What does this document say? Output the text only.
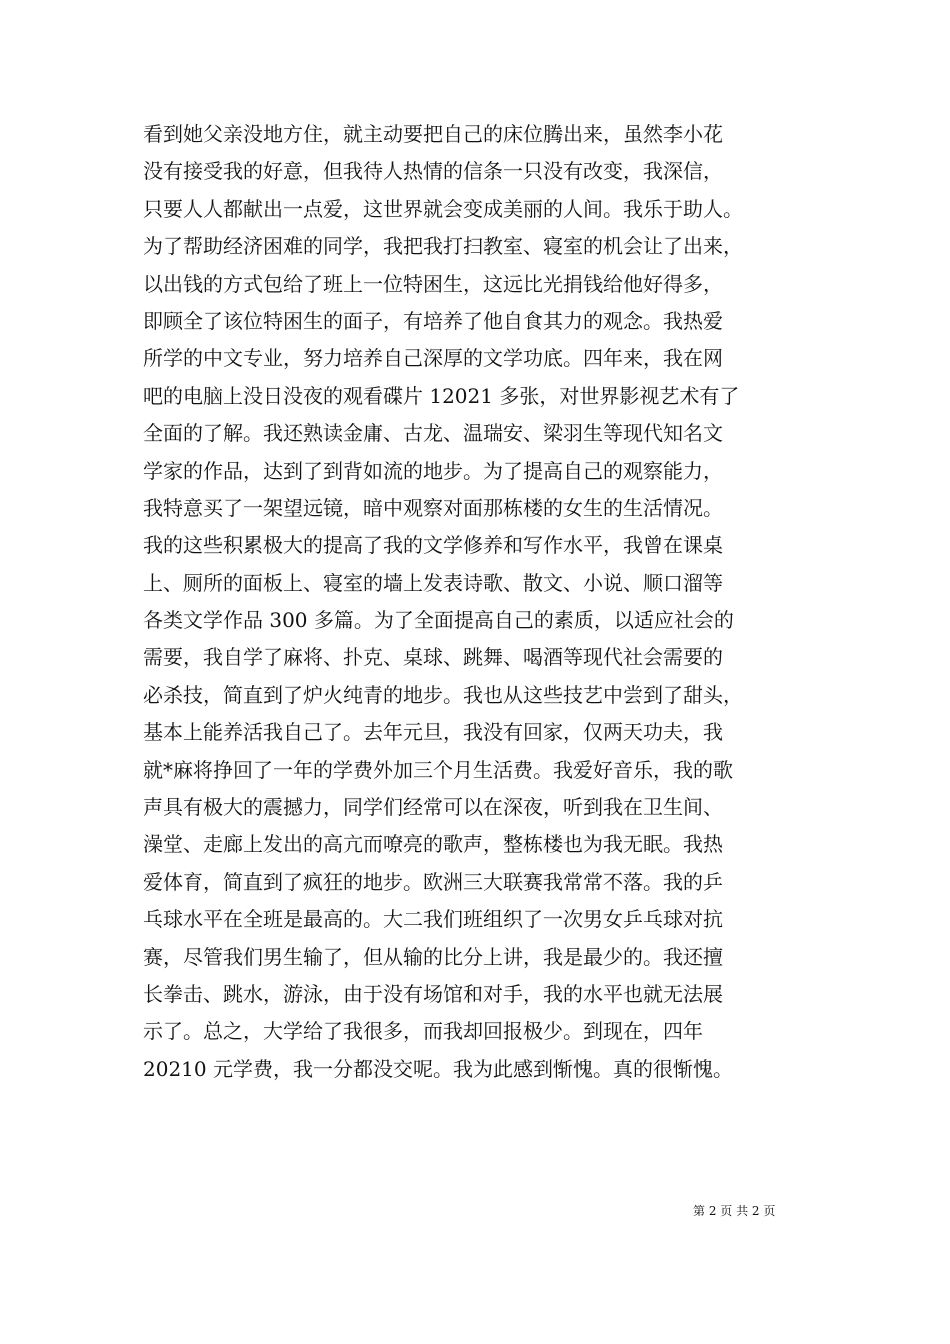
看到她父亲没地方住，就主动要把自己的床位腾出来，虽然李小花
没有接受我的好意，但我待人热情的信条一只没有改变，我深信，
只要人人都献出一点爱，这世界就会变成美丽的人间。我乐于助人。
为了帮助经济困难的同学，我把我打扫教室、寝室的机会让了出来，
以出钱的方式包给了班上一位特困生，这远比光捐钱给他好得多，
即顾全了该位特困生的面子，有培养了他自食其力的观念。我热爱
所学的中文专业，努力培养自己深厚的文学功底。四年来，我在网
吧的电脑上没日没夜的观看碟片 12021 多张，对世界影视艺术有了
全面的了解。我还熟读金庸、古龙、温瑞安、梁羽生等现代知名文
学家的作品，达到了到背如流的地步。为了提高自己的观察能力，
我特意买了一架望远镜，暗中观察对面那栋楼的女生的生活情况。
我的这些积累极大的提高了我的文学修养和写作水平，我曾在课桌
上、厕所的面板上、寝室的墙上发表诗歌、散文、小说、顺口溜等
各类文学作品 300 多篇。为了全面提高自己的素质，以适应社会的
需要，我自学了麻将、扑克、桌球、跳舞、喝酒等现代社会需要的
必杀技，简直到了炉火纯青的地步。我也从这些技艺中尝到了甜头，
基本上能养活我自己了。去年元旦，我没有回家，仅两天功夫，我
就*麻将挣回了一年的学费外加三个月生活费。我爱好音乐，我的歌
声具有极大的震撼力，同学们经常可以在深夜，听到我在卫生间、
澡堂、走廊上发出的高亢而嘹亮的歌声，整栋楼也为我无眠。我热
爱体育，简直到了疯狂的地步。欧洲三大联赛我常常不落。我的乒
乓球水平在全班是最高的。大二我们班组织了一次男女乒乓球对抗
赛，尽管我们男生输了，但从输的比分上讲，我是最少的。我还擅
长拳击、跳水，游泳，由于没有场馆和对手，我的水平也就无法展
示了。总之，大学给了我很多，而我却回报极少。到现在，四年
20210 元学费，我一分都没交呢。我为此感到惭愧。真的很惭愧。
第 2 页 共 2 页
